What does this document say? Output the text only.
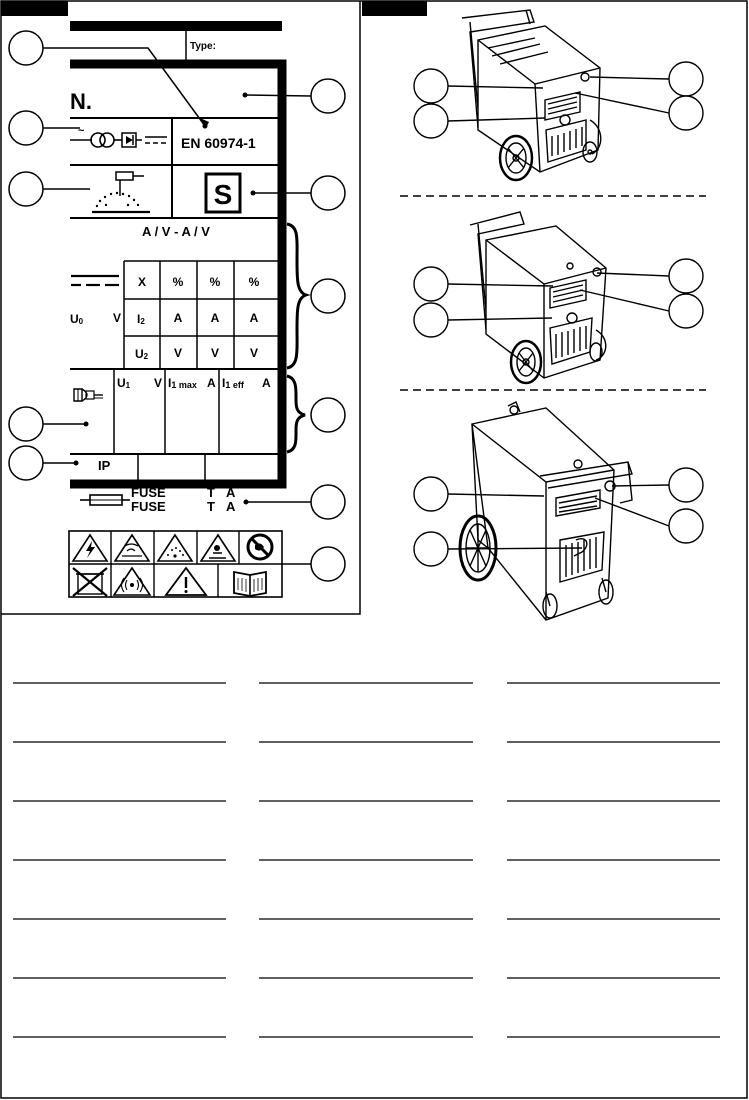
Type:
N.
~
EN 60974-1
S
A / V - A / V
X % % %
U0 V I2 A A	A
U2 V V	V
U1 V I1 max A I1 eff A
IP
FUSE
FUSE
T
T
A
A
